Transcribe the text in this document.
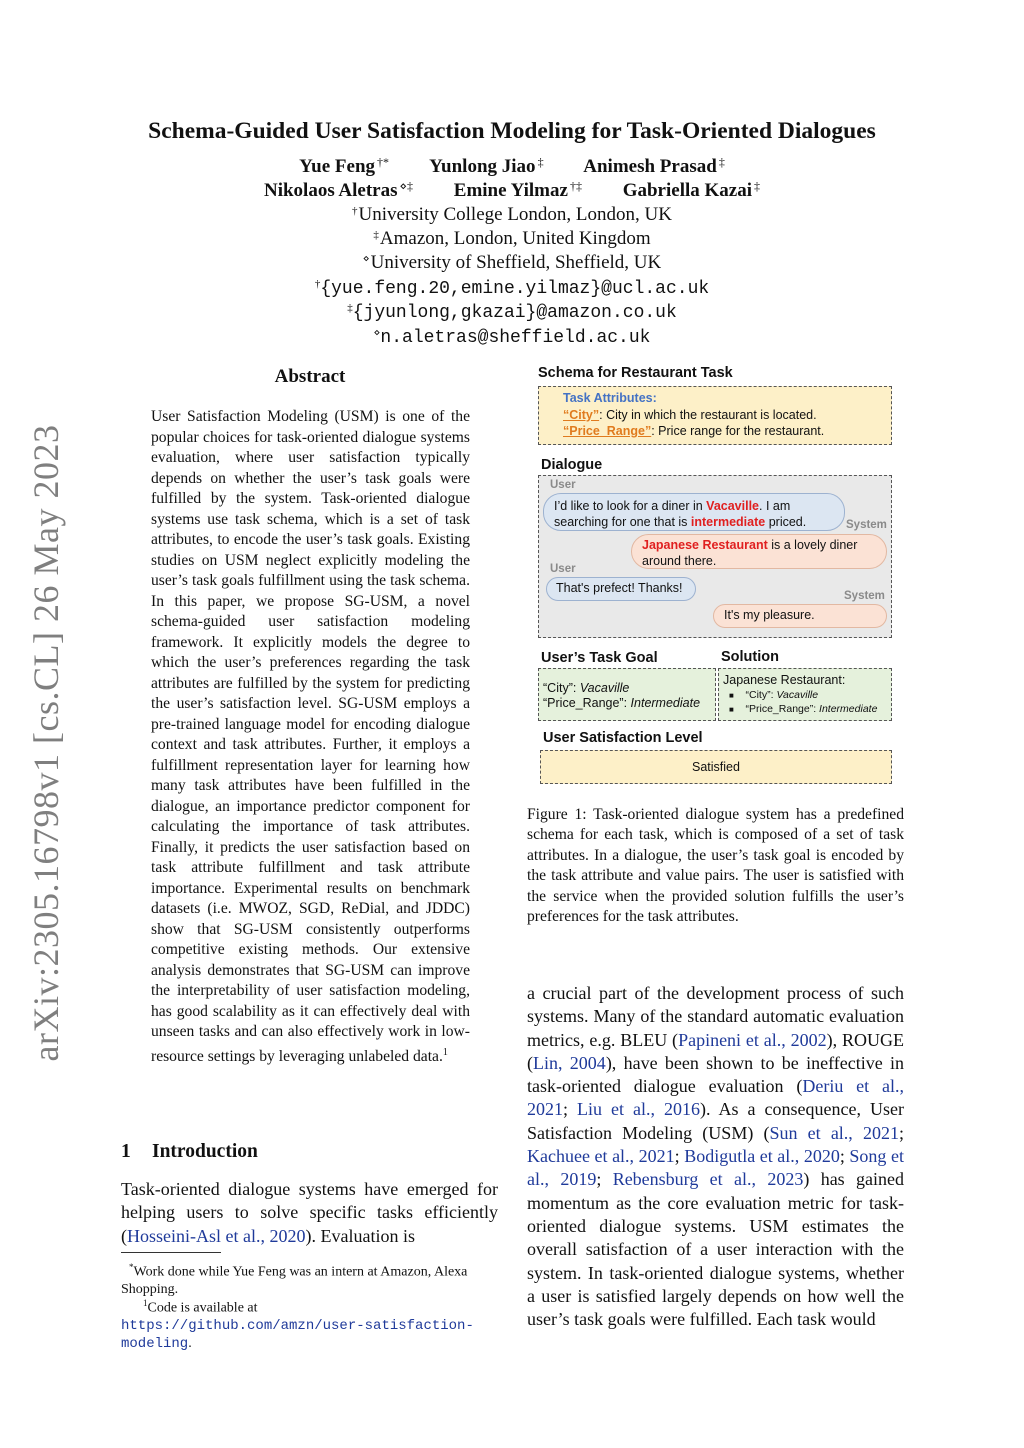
arXiv:2305.16798v1 [cs.CL] 26 May 2023
Schema-Guided User Satisfaction Modeling for Task-Oriented Dialogues
Yue Feng †* Yunlong Jiao ‡ Animesh Prasad ‡
Nikolaos Aletras ⋄‡ Emine Yilmaz †‡ Gabriella Kazai ‡
†University College London, London, UK
‡Amazon, London, United Kingdom
⋄University of Sheffield, Sheffield, UK
†{yue.feng.20,emine.yilmaz}@ucl.ac.uk
‡{jyunlong,gkazai}@amazon.co.uk
⋄n.aletras@sheffield.ac.uk
Abstract
User Satisfaction Modeling (USM) is one of the popular choices for task-oriented dialogue systems evaluation, where user satisfaction typically depends on whether the user’s task goals were fulfilled by the system. Task-oriented dialogue systems use task schema, which is a set of task attributes, to encode the user’s task goals. Existing studies on USM neglect explicitly modeling the user’s task goals fulfillment using the task schema. In this paper, we propose SG-USM, a novel schema-guided user satisfaction modeling framework. It explicitly models the degree to which the user’s preferences regarding the task attributes are fulfilled by the system for predicting the user’s satisfaction level. SG-USM employs a pre-trained language model for encoding dialogue context and task attributes. Further, it employs a fulfillment representation layer for learning how many task attributes have been fulfilled in the dialogue, an importance predictor component for calculating the importance of task attributes. Finally, it predicts the user satisfaction based on task attribute fulfillment and task attribute importance. Experimental results on benchmark datasets (i.e. MWOZ, SGD, ReDial, and JDDC) show that SG-USM consistently outperforms competitive existing methods. Our extensive analysis demonstrates that SG-USM can improve the interpretability of user satisfaction modeling, has good scalability as it can effectively deal with unseen tasks and can also effectively work in low-resource settings by leveraging unlabeled data.$^1$
1 Introduction
Task-oriented dialogue systems have emerged for helping users to solve specific tasks efficiently (Hosseini-Asl et al., 2020). Evaluation is
*Work done while Yue Feng was an intern at Amazon, Alexa Shopping.
$^1$Code is available at https://github.com/amzn/user-satisfaction-modeling.
Schema for Restaurant Task
Task Attributes:
“City”: City in which the restaurant is located.
“Price_Range”: Price range for the restaurant.
Dialogue
User
I’d like to look for a diner in Vacaville. I am searching for one that is intermediate priced.	System
Japanese Restaurant is a lovely diner around there.
User
That's prefect! Thanks!
System
It's my pleasure.
User’s Task Goal	Solution
“City”: Vacaville
“Price_Range”: Intermediate
Japanese Restaurant:
■ “City”: Vacaville
■ “Price_Range”: Intermediate
User Satisfaction Level
Satisfied
Figure 1: Task-oriented dialogue system has a predefined schema for each task, which is composed of a set of task attributes. In a dialogue, the user’s task goal is encoded by the task attribute and value pairs. The user is satisfied with the service when the provided solution fulfills the user’s preferences for the task attributes.
a crucial part of the development process of such systems. Many of the standard automatic evaluation metrics, e.g. BLEU (Papineni et al., 2002), ROUGE (Lin, 2004), have been shown to be ineffective in task-oriented dialogue evaluation (Deriu et al., 2021; Liu et al., 2016). As a consequence, User Satisfaction Modeling (USM) (Sun et al., 2021; Kachuee et al., 2021; Bodigutla et al., 2020; Song et al., 2019; Rebensburg et al., 2023) has gained momentum as the core evaluation metric for task-oriented dialogue systems. USM estimates the overall satisfaction of a user interaction with the system. In task-oriented dialogue systems, whether a user is satisfied largely depends on how well the user’s task goals were fulfilled. Each task would
